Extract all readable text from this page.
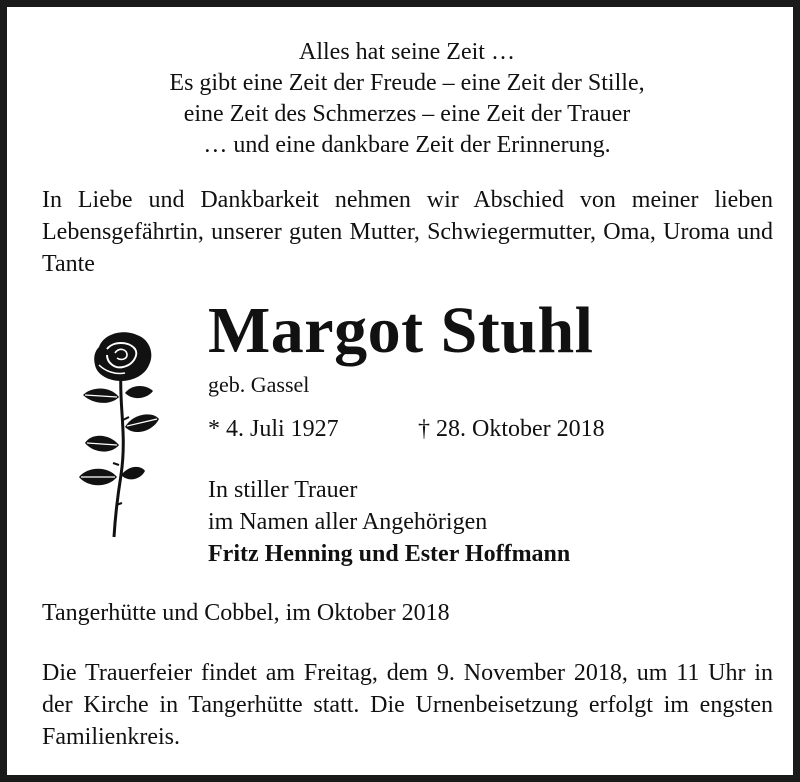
Alles hat seine Zeit …
Es gibt eine Zeit der Freude – eine Zeit der Stille,
eine Zeit des Schmerzes – eine Zeit der Trauer
… und eine dankbare Zeit der Erinnerung.
In Liebe und Dankbarkeit nehmen wir Abschied von meiner lieben Lebensgefährtin, unserer guten Mutter, Schwiegermutter, Oma, Uroma und Tante
Margot Stuhl
geb. Gassel
* 4. Juli 1927	† 28. Oktober 2018
In stiller Trauer
im Namen aller Angehörigen
Fritz Henning und Ester Hoffmann
Tangerhütte und Cobbel, im Oktober 2018
Die Trauerfeier findet am Freitag, dem 9. November 2018, um 11 Uhr in der Kirche in Tangerhütte statt. Die Urnenbeisetzung erfolgt im engsten Familienkreis.
